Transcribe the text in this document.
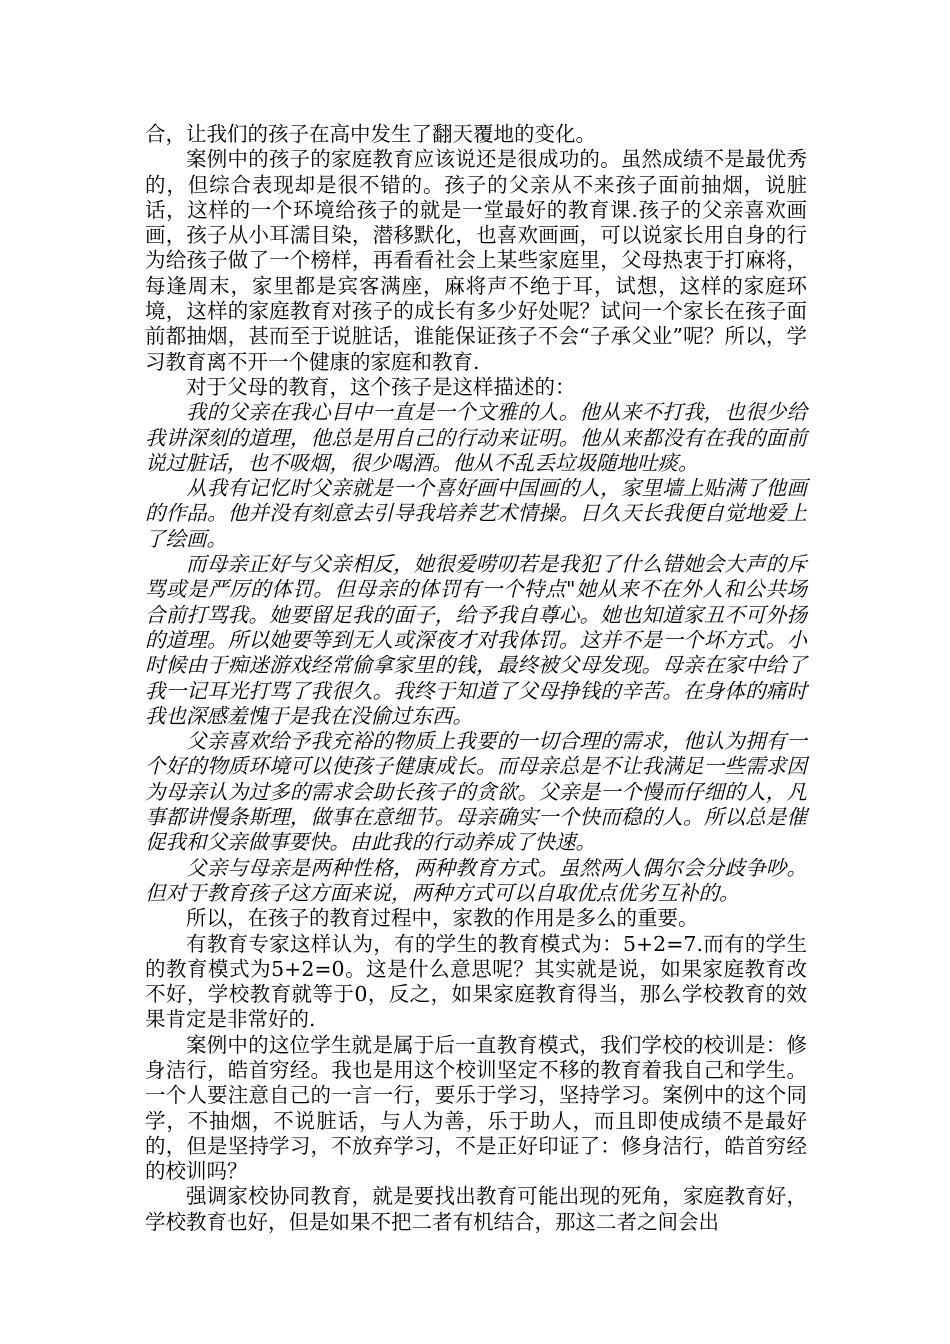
合，让我们的孩子在高中发生了翻天覆地的变化。

案例中的孩子的家庭教育应该说还是很成功的。虽然成绩不是最优秀的，但综合表现却是很不错的。孩子的父亲从不来孩子面前抽烟，说脏话，这样的一个环境给孩子的就是一堂最好的教育课.孩子的父亲喜欢画画，孩子从小耳濡目染，潜移默化，也喜欢画画，可以说家长用自身的行为给孩子做了一个榜样，再看看社会上某些家庭里，父母热衷于打麻将，每逢周末，家里都是宾客满座，麻将声不绝于耳，试想，这样的家庭环境，这样的家庭教育对孩子的成长有多少好处呢？试问一个家长在孩子面前都抽烟，甚而至于说脏话，谁能保证孩子不会“子承父业”呢？所以，学习教育离不开一个健康的家庭和教育.

对于父母的教育，这个孩子是这样描述的：

我的父亲在我心目中一直是一个文雅的人。他从来不打我，也很少给我讲深刻的道理，他总是用自己的行动来证明。他从来都没有在我的面前说过脏话，也不吸烟，很少喝酒。他从不乱丢垃圾随地吐痰。

从我有记忆时父亲就是一个喜好画中国画的人，家里墙上贴满了他画的作品。他并没有刻意去引导我培养艺术情操。日久天长我便自觉地爱上了绘画。

而母亲正好与父亲相反，她很爱唠叨若是我犯了什么错她会大声的斥骂或是严厉的体罚。但母亲的体罚有一个特点"她从来不在外人和公共场合前打骂我。她要留足我的面子，给予我自尊心。她也知道家丑不可外扬的道理。所以她要等到无人或深夜才对我体罚。这并不是一个坏方式。小时候由于痴迷游戏经常偷拿家里的钱，最终被父母发现。母亲在家中给了我一记耳光打骂了我很久。我终于知道了父母挣钱的辛苦。在身体的痛时我也深感羞愧于是我在没偷过东西。

父亲喜欢给予我充裕的物质上我要的一切合理的需求，他认为拥有一个好的物质环境可以使孩子健康成长。而母亲总是不让我满足一些需求因为母亲认为过多的需求会助长孩子的贪欲。父亲是一个慢而仔细的人，凡事都讲慢条斯理，做事在意细节。母亲确实一个快而稳的人。所以总是催促我和父亲做事要快。由此我的行动养成了快速。

父亲与母亲是两种性格，两种教育方式。虽然两人偶尔会分歧争吵。但对于教育孩子这方面来说，两种方式可以自取优点优劣互补的。

所以，在孩子的教育过程中，家教的作用是多么的重要。

有教育专家这样认为，有的学生的教育模式为：5+2=7.而有的学生的教育模式为5+2=0。这是什么意思呢？其实就是说，如果家庭教育改不好，学校教育就等于0，反之，如果家庭教育得当，那么学校教育的效果肯定是非常好的.

案例中的这位学生就是属于后一直教育模式，我们学校的校训是：修身洁行，皓首穷经。我也是用这个校训坚定不移的教育着我自己和学生。一个人要注意自己的一言一行，要乐于学习，坚持学习。案例中的这个同学，不抽烟，不说脏话，与人为善，乐于助人，而且即使成绩不是最好的，但是坚持学习，不放弃学习，不是正好印证了：修身洁行，皓首穷经的校训吗？

强调家校协同教育，就是要找出教育可能出现的死角，家庭教育好，学校教育也好，但是如果不把二者有机结合，那这二者之间会出
